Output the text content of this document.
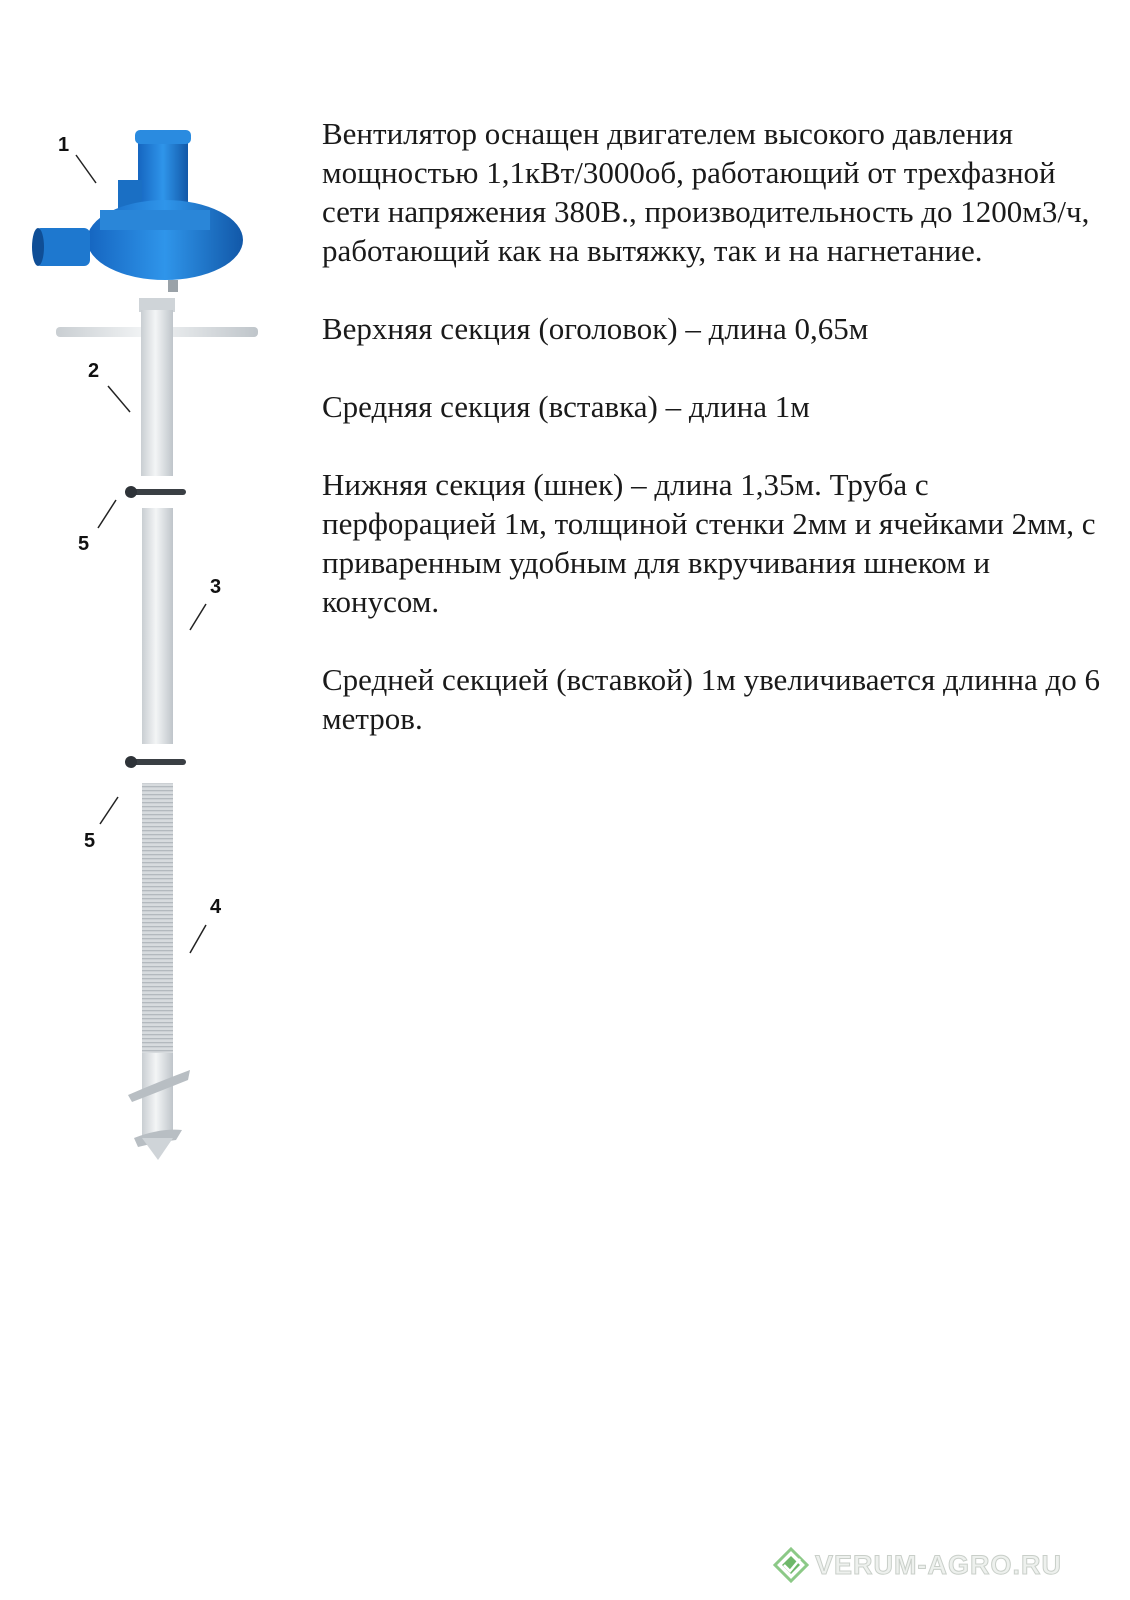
1
2
5
3
5
4

Вентилятор оснащен двигателем высокого давления мощностью 1,1кВт/3000об, работающий от трехфазной сети напряжения 380В., производительность до 1200м3/ч, работающий как на вытяжку, так и на нагнетание.

Верхняя секция (оголовок) – длина 0,65м

Средняя секция (вставка) – длина 1м

Нижняя секция (шнек) – длина 1,35м. Труба с перфорацией 1м, толщиной стенки 2мм и ячейками 2мм, с приваренным удобным для вкручивания шнеком и конусом.

Средней секцией (вставкой) 1м увеличивается длинна до 6 метров.

VERUM-AGRO.RU
